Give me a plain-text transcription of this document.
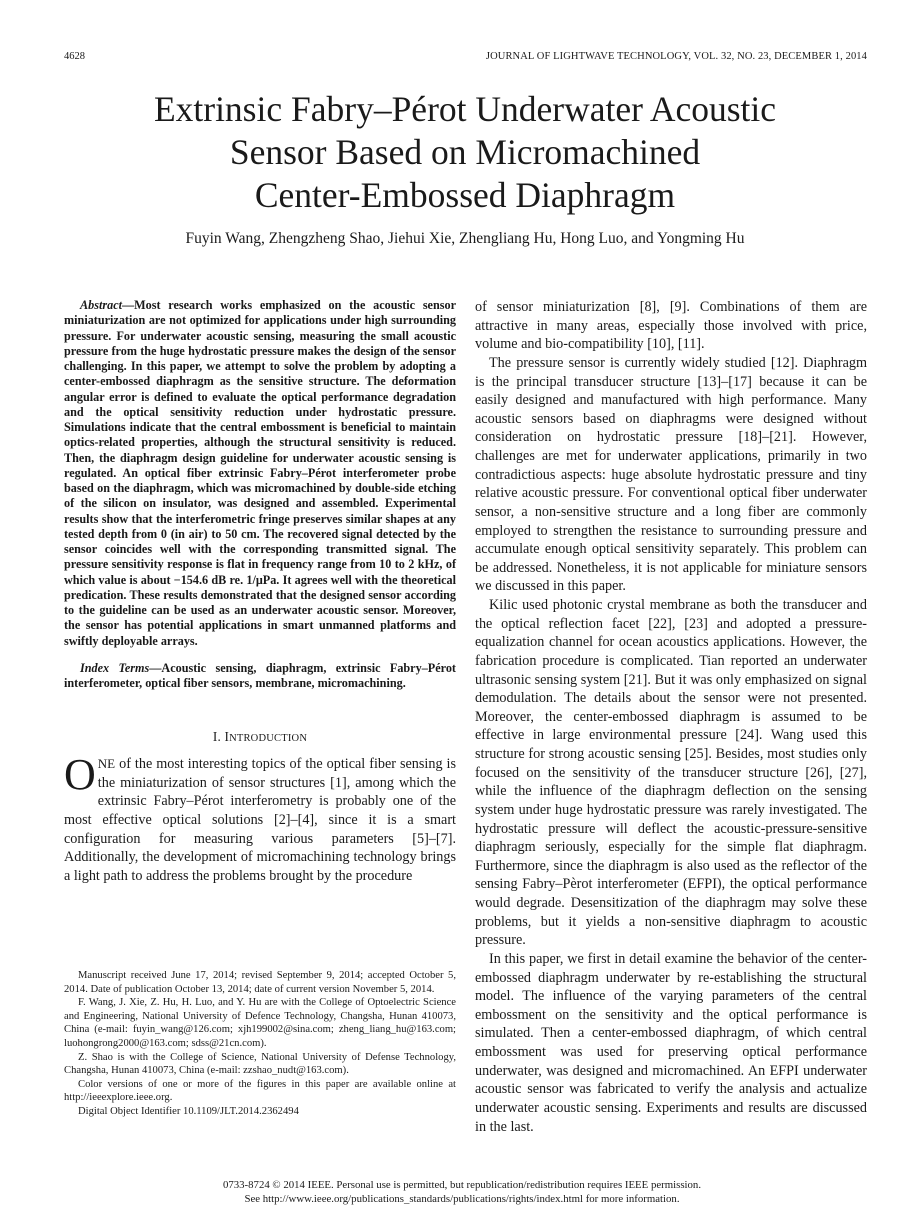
4628	JOURNAL OF LIGHTWAVE TECHNOLOGY, VOL. 32, NO. 23, DECEMBER 1, 2014
Extrinsic Fabry–Pérot Underwater Acoustic
Sensor Based on Micromachined
Center-Embossed Diaphragm
Fuyin Wang, Zhengzheng Shao, Jiehui Xie, Zhengliang Hu, Hong Luo, and Yongming Hu

Abstract—Most research works emphasized on the acoustic sensor miniaturization are not optimized for applications under high surrounding pressure. For underwater acoustic sensing, measuring the small acoustic pressure from the huge hydrostatic pressure makes the design of the sensor challenging. In this paper, we attempt to solve the problem by adopting a center-embossed diaphragm as the sensitive structure. The deformation angular error is defined to evaluate the optical performance degradation and the optical sensitivity reduction under hydrostatic pressure. Simulations indicate that the central embossment is beneficial to maintain optics-related properties, although the structural sensitivity is reduced. Then, the diaphragm design guideline for underwater acoustic sensing is regulated. An optical fiber extrinsic Fabry–Pérot interferometer probe based on the diaphragm, which was micromachined by double-side etching of the silicon on insulator, was designed and assembled. Experimental results show that the interferometric fringe preserves similar shapes at any tested depth from 0 (in air) to 50 cm. The recovered signal detected by the sensor coincides well with the corresponding transmitted signal. The pressure sensitivity response is flat in frequency range from 10 to 2 kHz, of which value is about −154.6 dB re. 1/μPa. It agrees well with the theoretical predication. These results demonstrated that the designed sensor according to the guideline can be used as an underwater acoustic sensor. Moreover, the sensor has potential applications in smart unmanned platforms and swiftly deployable arrays.

Index Terms—Acoustic sensing, diaphragm, extrinsic Fabry–Pérot interferometer, optical fiber sensors, membrane, micromachining.

I. INTRODUCTION

ONE of the most interesting topics of the optical fiber sensing is the miniaturization of sensor structures [1], among which the extrinsic Fabry–Pérot interferometry is probably one of the most effective optical solutions [2]–[4], since it is a smart configuration for measuring various parameters [5]–[7]. Additionally, the development of micromachining technology brings a light path to address the problems brought by the procedure

Manuscript received June 17, 2014; revised September 9, 2014; accepted October 5, 2014. Date of publication October 13, 2014; date of current version November 5, 2014.

F. Wang, J. Xie, Z. Hu, H. Luo, and Y. Hu are with the College of Optoelectric Science and Engineering, National University of Defence Technology, Changsha, Hunan 410073, China (e-mail: fuyin_wang@126.com; xjh199002@sina.com; zheng_liang_hu@163.com; luohongrong2000@163.com; sdss@21cn.com).

Z. Shao is with the College of Science, National University of Defense Technology, Changsha, Hunan 410073, China (e-mail: zzshao_nudt@163.com).

Color versions of one or more of the figures in this paper are available online at http://ieeexplore.ieee.org.

Digital Object Identifier 10.1109/JLT.2014.2362494

of sensor miniaturization [8], [9]. Combinations of them are attractive in many areas, especially those involved with price, volume and bio-compatibility [10], [11].

The pressure sensor is currently widely studied [12]. Diaphragm is the principal transducer structure [13]–[17] because it can be easily designed and manufactured with high performance. Many acoustic sensors based on diaphragms were designed without consideration on hydrostatic pressure [18]–[21]. However, challenges are met for underwater applications, primarily in two contradictious aspects: huge absolute hydrostatic pressure and tiny relative acoustic pressure. For conventional optical fiber underwater sensor, a non-sensitive structure and a long fiber are commonly employed to strengthen the resistance to surrounding pressure and accumulate enough optical sensitivity separately. This problem can be addressed. Nonetheless, it is not applicable for miniature sensors we discussed in this paper.

Kilic used photonic crystal membrane as both the transducer and the optical reflection facet [22], [23] and adopted a pressure-equalization channel for ocean acoustics applications. However, the fabrication procedure is complicated. Tian reported an underwater ultrasonic sensing system [21]. But it was only emphasized on signal demodulation. The details about the sensor were not presented. Moreover, the center-embossed diaphragm is assumed to be effective in large environmental pressure [24]. Wang used this structure for strong acoustic sensing [25]. Besides, most studies only focused on the sensitivity of the transducer structure [26], [27], while the influence of the diaphragm deflection on the sensing system under huge hydrostatic pressure was rarely investigated. The hydrostatic pressure will deflect the acoustic-pressure-sensitive diaphragm seriously, especially for the simple flat diaphragm. Furthermore, since the diaphragm is also used as the reflector of the sensing Fabry–Pèrot interferometer (EFPI), the optical performance would degrade. Desensitization of the diaphragm may solve these problems, but it yields a non-sensitive diaphragm to acoustic pressure.

In this paper, we first in detail examine the behavior of the center-embossed diaphragm underwater by re-establishing the structural model. The influence of the varying parameters of the central embossment on the sensitivity and the optical performance is simulated. Then a center-embossed diaphragm, of which central embossment was used for preserving optical performance underwater, was designed and micromachined. An EFPI underwater acoustic sensor was fabricated to verify the analysis and actualize underwater acoustic sensing. Experiments and results are discussed in the last.

0733-8724 © 2014 IEEE. Personal use is permitted, but republication/redistribution requires IEEE permission.
See http://www.ieee.org/publications_standards/publications/rights/index.html for more information.
